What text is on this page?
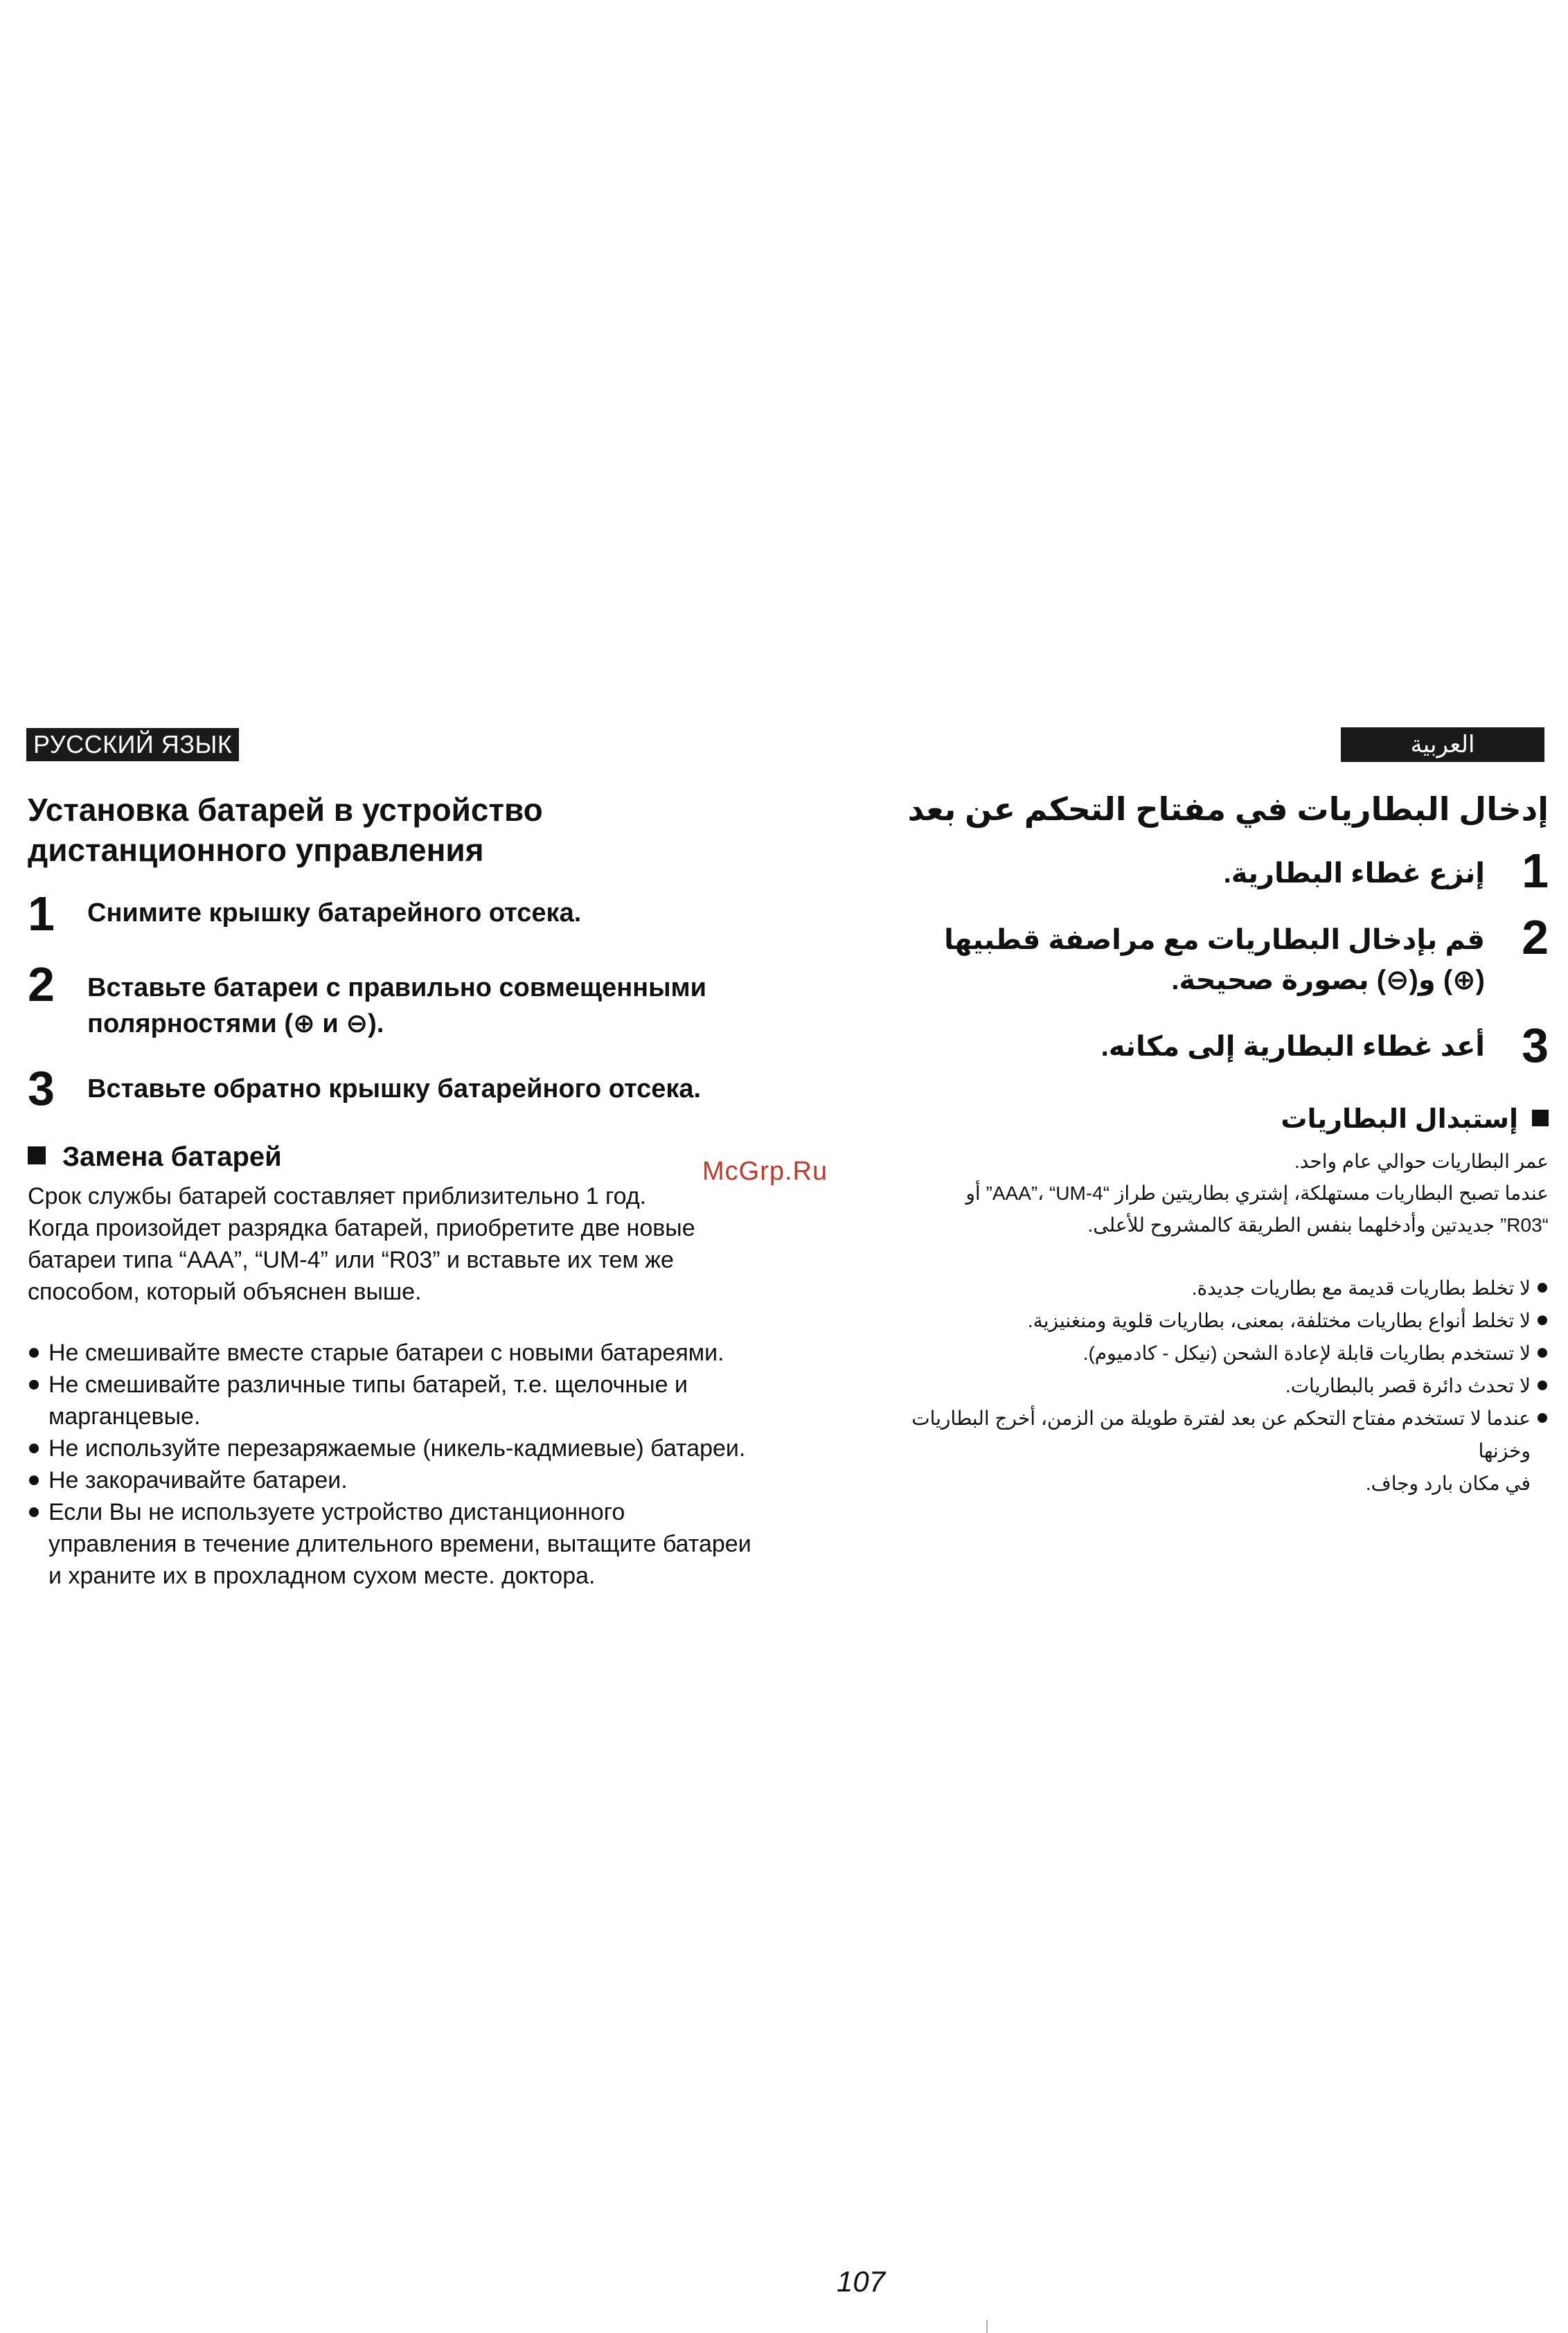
РУССКИЙ ЯЗЫК
Установка батарей в устройство
дистанционного управления
1 Снимите крышку батарейного отсека.
2 Вставьте батареи с правильно совмещенными
полярностями (⊕ и ⊖).
3 Вставьте обратно крышку батарейного отсека.
Замена батарей
Срок службы батарей составляет приблизительно 1 год.
Когда произойдет разрядка батарей, приобретите две новые
батареи типа “AAA”, “UM-4” или “R03” и вставьте их тем же
способом, который объяснен выше.
Не смешивайте вместе старые батареи с новыми батареями.
Не смешивайте различные типы батарей, т.е. щелочные и
марганцевые.
Не используйте перезаряжаемые (никель-кадмиевые) батареи.
Не закорачивайте батареи.
Если Вы не используете устройство дистанционного
управления в течение длительного времени, вытащите батареи
и храните их в прохладном сухом месте. доктора.
McGrp.Ru
العربية
إدخال البطاريات في مفتاح التحكم عن بعد
1
إنزع غطاء البطارية.
2
قم بإدخال البطاريات مع مراصفة قطبيها
(⊕) و(⊖) بصورة صحيحة.
3
أعد غطاء البطارية إلى مكانه.
إستبدال البطاريات
عمر البطاريات حوالي عام واحد.
عندما تصبح البطاريات مستهلكة، إشتري بطاريتين طراز “AAA”، “UM-4” أو
“R03” جديدتين وأدخلهما بنفس الطريقة كالمشروح للأعلى.
لا تخلط بطاريات قديمة مع بطاريات جديدة.
لا تخلط أنواع بطاريات مختلفة، بمعنى، بطاريات قلوية ومنغنيزية.
لا تستخدم بطاريات قابلة لإعادة الشحن (نيكل - كادميوم).
لا تحدث دائرة قصر بالبطاريات.
عندما لا تستخدم مفتاح التحكم عن بعد لفترة طويلة من الزمن، أخرج البطاريات وخزنها
في مكان بارد وجاف.
107
